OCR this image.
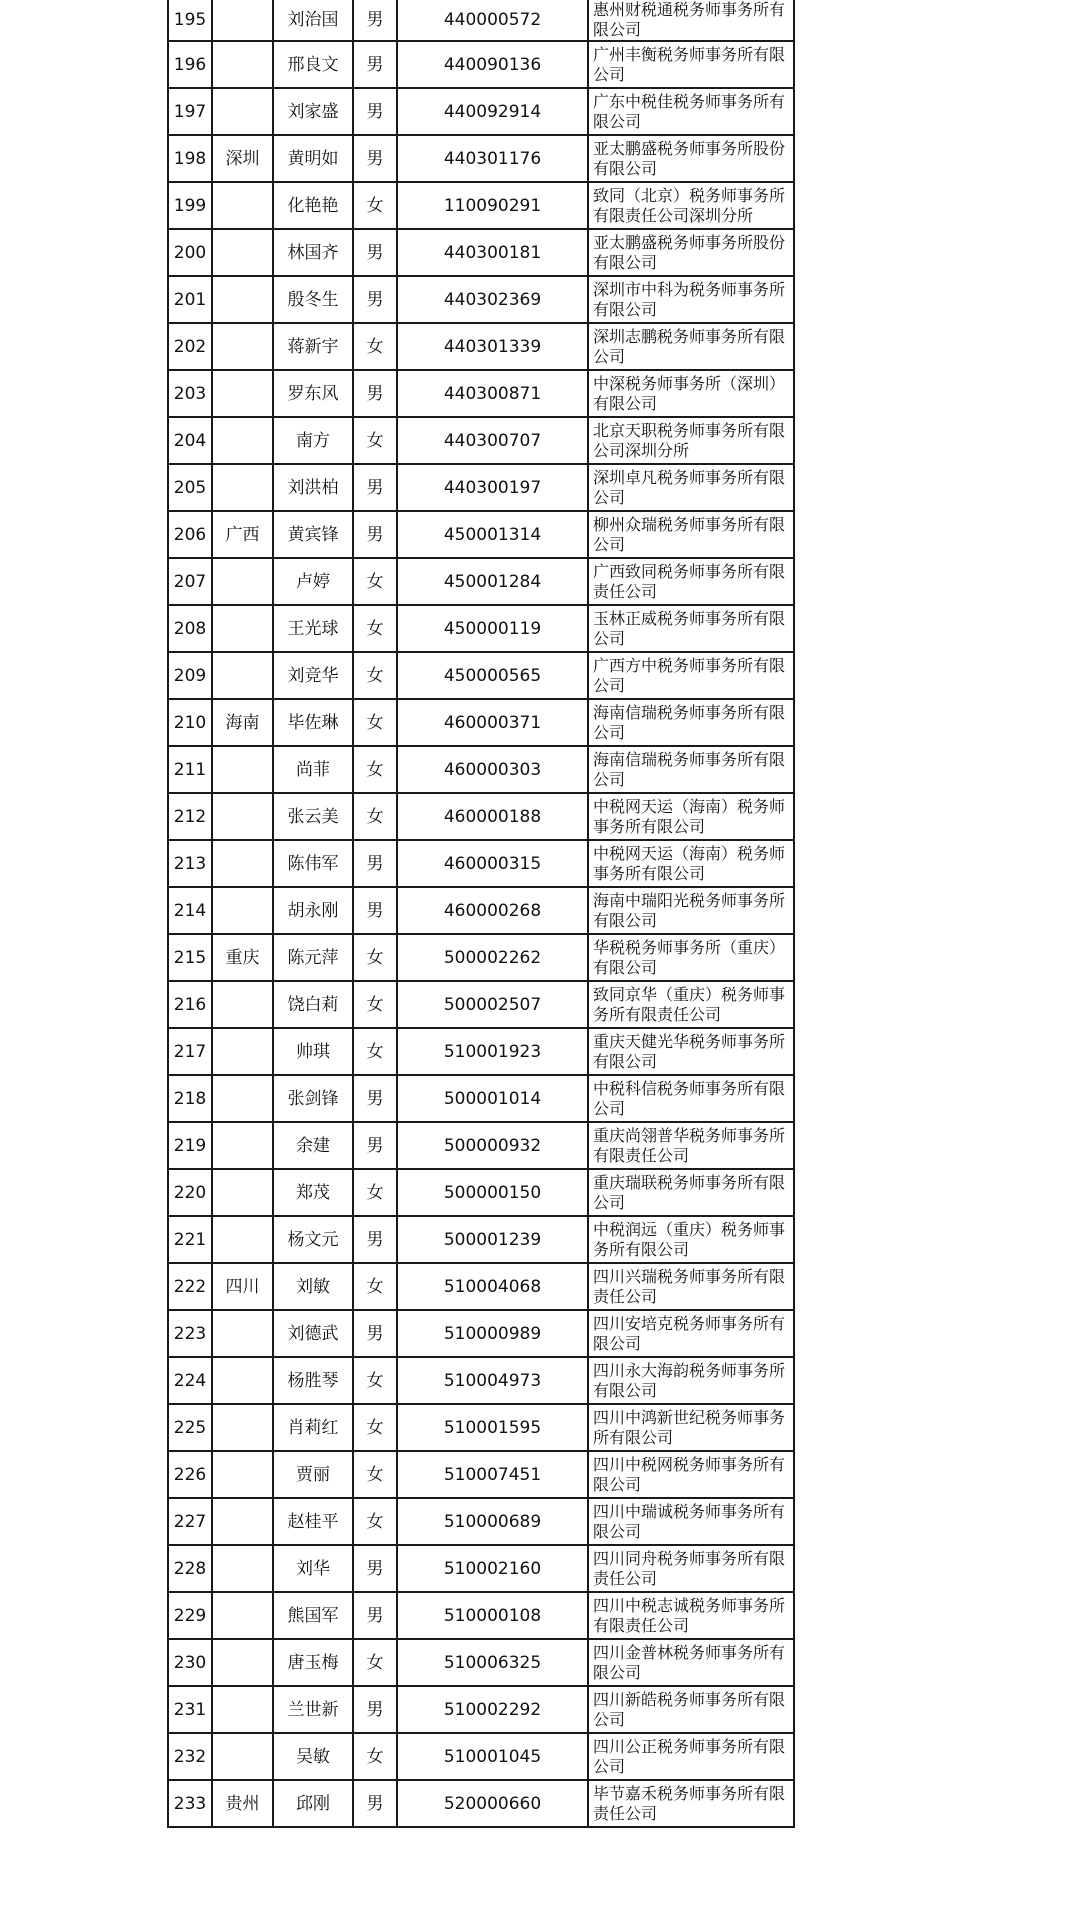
195		刘治国	男	440000572	惠州财税通税务师事务所有限公司
196		邢良文	男	440090136	广州丰衡税务师事务所有限公司
197		刘家盛	男	440092914	广东中税佳税务师事务所有限公司
198	深圳	黄明如	男	440301176	亚太鹏盛税务师事务所股份有限公司
199		化艳艳	女	110090291	致同（北京）税务师事务所有限责任公司深圳分所
200		林国齐	男	440300181	亚太鹏盛税务师事务所股份有限公司
201		殷冬生	男	440302369	深圳市中科为税务师事务所有限公司
202		蒋新宇	女	440301339	深圳志鹏税务师事务所有限公司
203		罗东风	男	440300871	中深税务师事务所（深圳）有限公司
204		南方	女	440300707	北京天职税务师事务所有限公司深圳分所
205		刘洪柏	男	440300197	深圳卓凡税务师事务所有限公司
206	广西	黄宾锋	男	450001314	柳州众瑞税务师事务所有限公司
207		卢婷	女	450001284	广西致同税务师事务所有限责任公司
208		王光球	女	450000119	玉林正威税务师事务所有限公司
209		刘竞华	女	450000565	广西方中税务师事务所有限公司
210	海南	毕佐琳	女	460000371	海南信瑞税务师事务所有限公司
211		尚菲	女	460000303	海南信瑞税务师事务所有限公司
212		张云美	女	460000188	中税网天运（海南）税务师事务所有限公司
213		陈伟军	男	460000315	中税网天运（海南）税务师事务所有限公司
214		胡永刚	男	460000268	海南中瑞阳光税务师事务所有限公司
215	重庆	陈元萍	女	500002262	华税税务师事务所（重庆）有限公司
216		饶白莉	女	500002507	致同京华（重庆）税务师事务所有限责任公司
217		帅琪	女	510001923	重庆天健光华税务师事务所有限公司
218		张剑锋	男	500001014	中税科信税务师事务所有限公司
219		余建	男	500000932	重庆尚翎普华税务师事务所有限责任公司
220		郑茂	女	500000150	重庆瑞联税务师事务所有限公司
221		杨文元	男	500001239	中税润远（重庆）税务师事务所有限公司
222	四川	刘敏	女	510004068	四川兴瑞税务师事务所有限责任公司
223		刘德武	男	510000989	四川安培克税务师事务所有限公司
224		杨胜琴	女	510004973	四川永大海韵税务师事务所有限公司
225		肖莉红	女	510001595	四川中鸿新世纪税务师事务所有限公司
226		贾丽	女	510007451	四川中税网税务师事务所有限公司
227		赵桂平	女	510000689	四川中瑞诚税务师事务所有限公司
228		刘华	男	510002160	四川同舟税务师事务所有限责任公司
229		熊国军	男	510000108	四川中税志诚税务师事务所有限责任公司
230		唐玉梅	女	510006325	四川金普林税务师事务所有限公司
231		兰世新	男	510002292	四川新皓税务师事务所有限公司
232		吴敏	女	510001045	四川公正税务师事务所有限公司
233	贵州	邱刚	男	520000660	毕节嘉禾税务师事务所有限责任公司
